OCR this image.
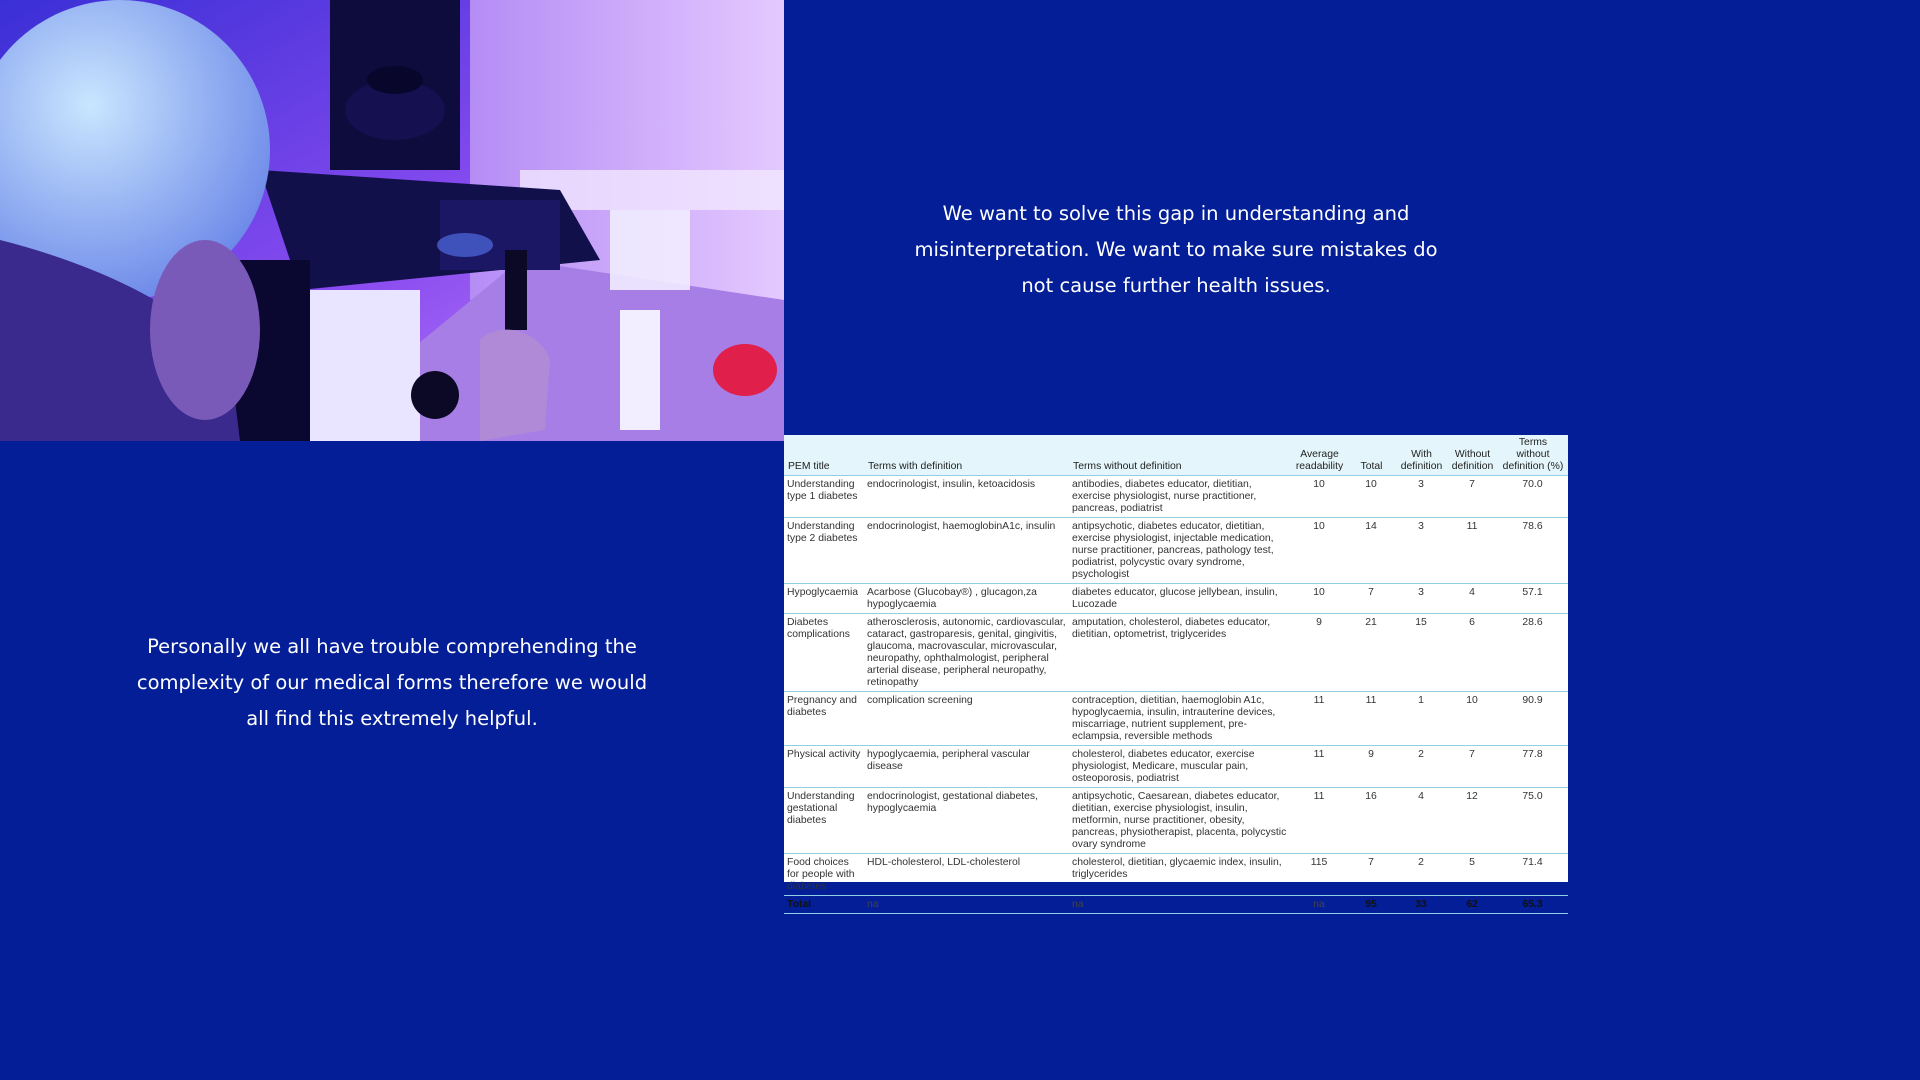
We want to solve this gap in understanding and misinterpretation. We want to make sure mistakes do not cause further health issues.
Personally we all have trouble comprehending the complexity of our medical forms therefore we would all find this extremely helpful.
PEM title	Terms with definition	Terms without definition	Average readability	Total	With definition	Without definition	Terms without definition (%)
Understanding type 1 diabetes	endocrinologist, insulin, ketoacidosis	antibodies, diabetes educator, dietitian, exercise physiologist, nurse practitioner, pancreas, podiatrist	10	10	3	7	70.0
Understanding type 2 diabetes	endocrinologist, haemoglobinA1c, insulin	antipsychotic, diabetes educator, dietitian, exercise physiologist, injectable medication, nurse practitioner, pancreas, pathology test, podiatrist, polycystic ovary syndrome, psychologist	10	14	3	11	78.6
Hypoglycaemia	Acarbose (Glucobay®) , glucagon,za hypoglycaemia	diabetes educator, glucose jellybean, insulin, Lucozade	10	7	3	4	57.1
Diabetes complications	atherosclerosis, autonomic, cardiovascular, cataract, gastroparesis, genital, gingivitis, glaucoma, macrovascular, microvascular, neuropathy, ophthalmologist, peripheral arterial disease, peripheral neuropathy, retinopathy	amputation, cholesterol, diabetes educator, dietitian, optometrist, triglycerides	9	21	15	6	28.6
Pregnancy and diabetes	complication screening	contraception, dietitian, haemoglobin A1c, hypoglycaemia, insulin, intrauterine devices, miscarriage, nutrient supplement, pre-eclampsia, reversible methods	11	11	1	10	90.9
Physical activity	hypoglycaemia, peripheral vascular disease	cholesterol, diabetes educator, exercise physiologist, Medicare, muscular pain, osteoporosis, podiatrist	11	9	2	7	77.8
Understanding gestational diabetes	endocrinologist, gestational diabetes, hypoglycaemia	antipsychotic, Caesarean, diabetes educator, dietitian, exercise physiologist, insulin, metformin, nurse practitioner, obesity, pancreas, physiotherapist, placenta, polycystic ovary syndrome	11	16	4	12	75.0
Food choices for people with diabetes	HDL-cholesterol, LDL-cholesterol	cholesterol, dietitian, glycaemic index, insulin, triglycerides	115	7	2	5	71.4
Total	na	na	na	95	33	62	65.3
